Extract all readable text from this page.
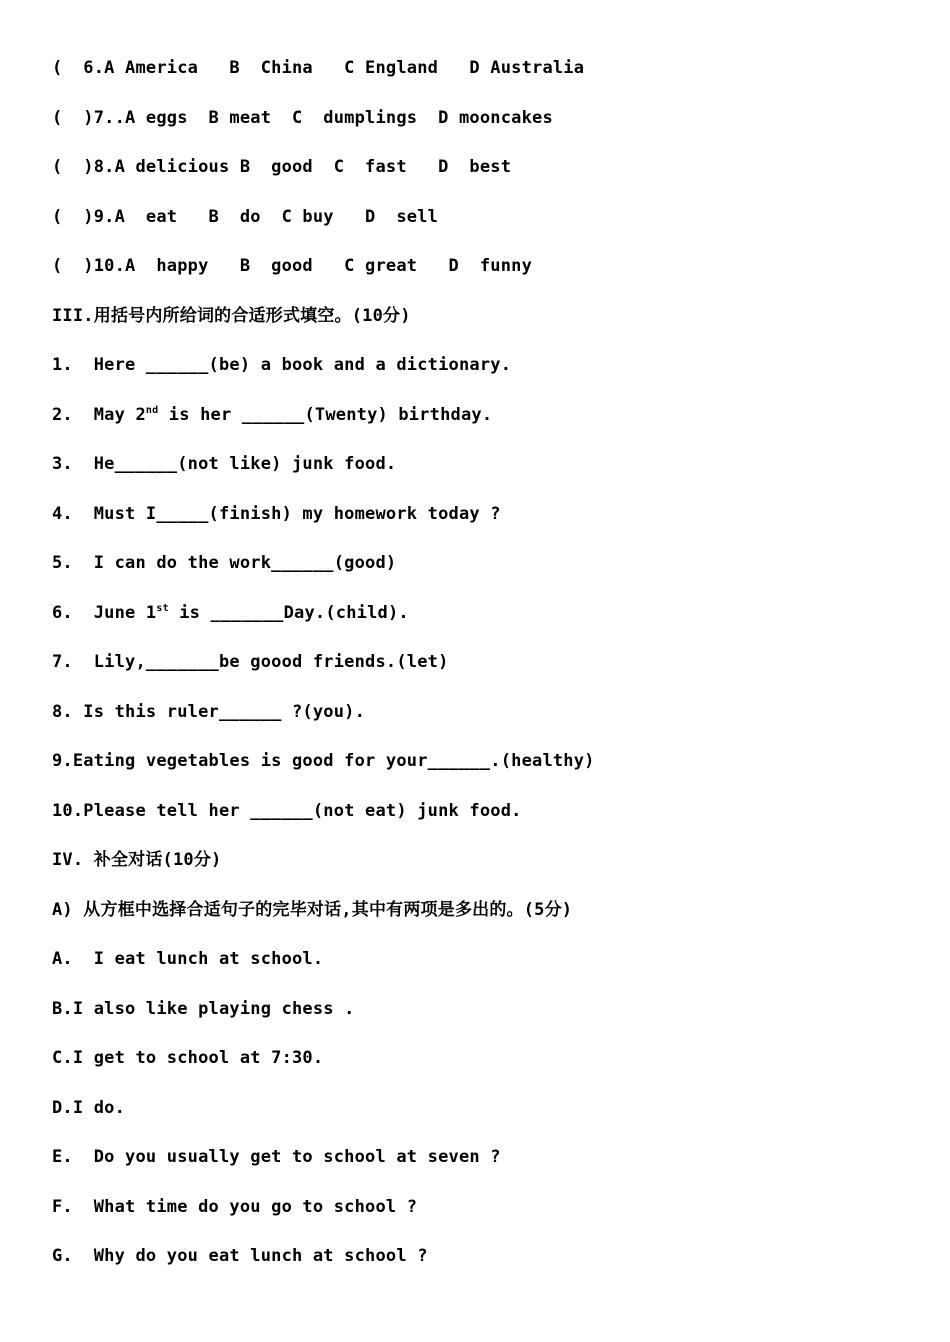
(  6.A America   B  China   C England   D Australia
(  )7..A eggs  B meat  C  dumplings  D mooncakes
(  )8.A delicious B  good  C  fast   D  best
(  )9.A  eat   B  do  C buy   D  sell
(  )10.A  happy   B  good   C great   D  funny
III.用括号内所给词的合适形式填空。(10分)
1.  Here ______(be) a book and a dictionary.
2.  May 2nd is her ______(Twenty) birthday.
3.  He______(not like) junk food.
4.  Must I_____(finish) my homework today ?
5.  I can do the work______(good)
6.  June 1st is _______Day.(child).
7.  Lily,_______be goood friends.(let)
8. Is this ruler______ ?(you).
9.Eating vegetables is good for your______.(healthy)
10.Please tell her ______(not eat) junk food.
IV. 补全对话(10分)
A) 从方框中选择合适句子的完毕对话,其中有两项是多出的。(5分)
A.  I eat lunch at school.
B.I also like playing chess .
C.I get to school at 7:30.
D.I do.
E.  Do you usually get to school at seven ?
F.  What time do you go to school ?
G.  Why do you eat lunch at school ?
